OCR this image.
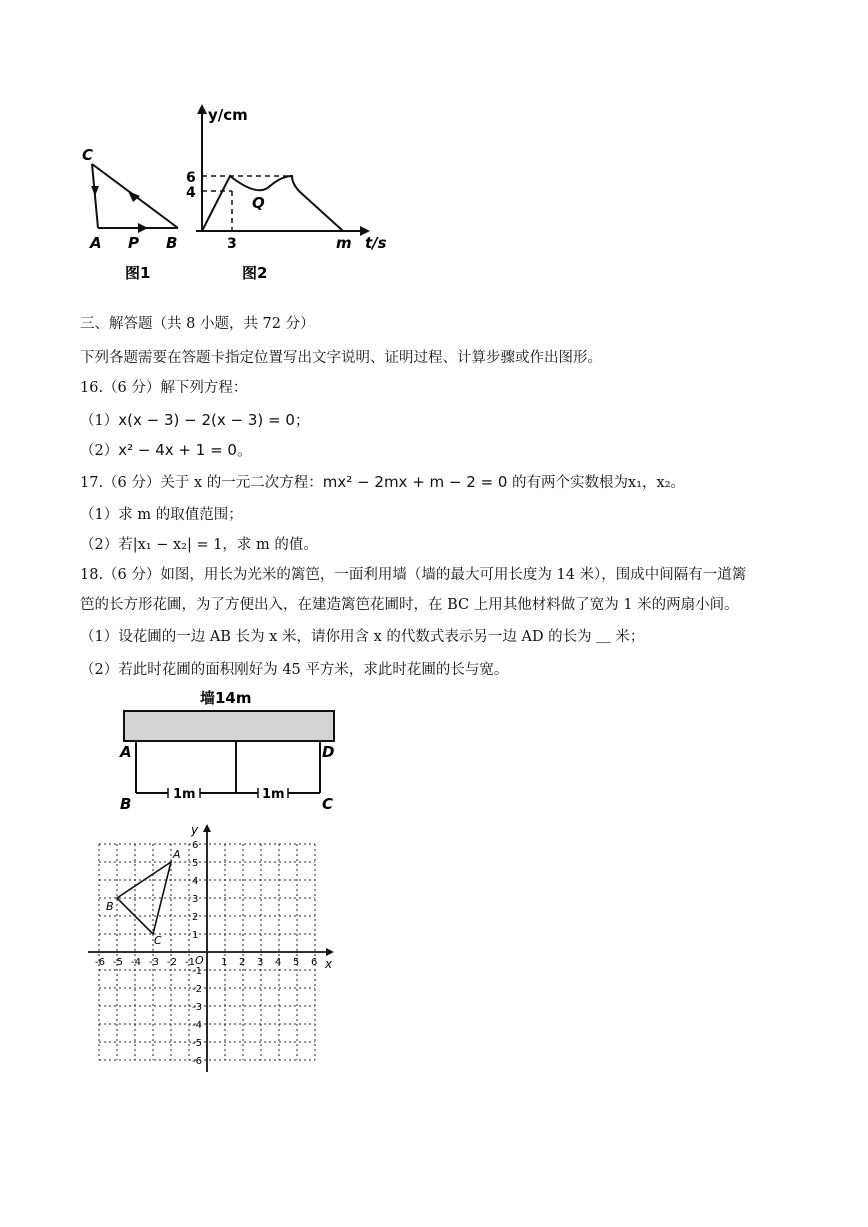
C
A P B
图1
y/cm
t/s
6
4
3	m
Q
图2
三、解答题（共 8 小题，共 72 分）
下列各题需要在答题卡指定位置写出文字说明、证明过程、计算步骤或作出图形。
16.（6 分）解下列方程：
（1）x(x − 3) − 2(x − 3) = 0；
（2）x² − 4x + 1 = 0。
17.（6 分）关于 x 的一元二次方程：mx² − 2mx + m − 2 = 0 的有两个实数根为x₁，x₂。
（1）求 m 的取值范围；
（2）若|x₁ − x₂| = 1，求 m 的值。
18.（6 分）如图，用长为光米的篱笆，一面利用墙（墙的最大可用长度为 14 米），围成中间隔有一道篱
笆的长方形花圃，为了方便出入，在建造篱笆花圃时，在 BC 上用其他材料做了宽为 1 米的两扇小间。
（1）设花圃的一边 AB 长为 x 米，请你用含 x 的代数式表示另一边 AD 的长为 ＿ 米；
（2）若此时花圃的面积刚好为 45 平方米，求此时花圃的长与宽。
墙14m
1m	1m
A	D
B	C
x
y
O
-6 -5 -4 -3 -2 -1	1 2 3 4 5 6
6
5
4
3
2
1
-1
-2
-3
-4
-5
-6
A
B
C
